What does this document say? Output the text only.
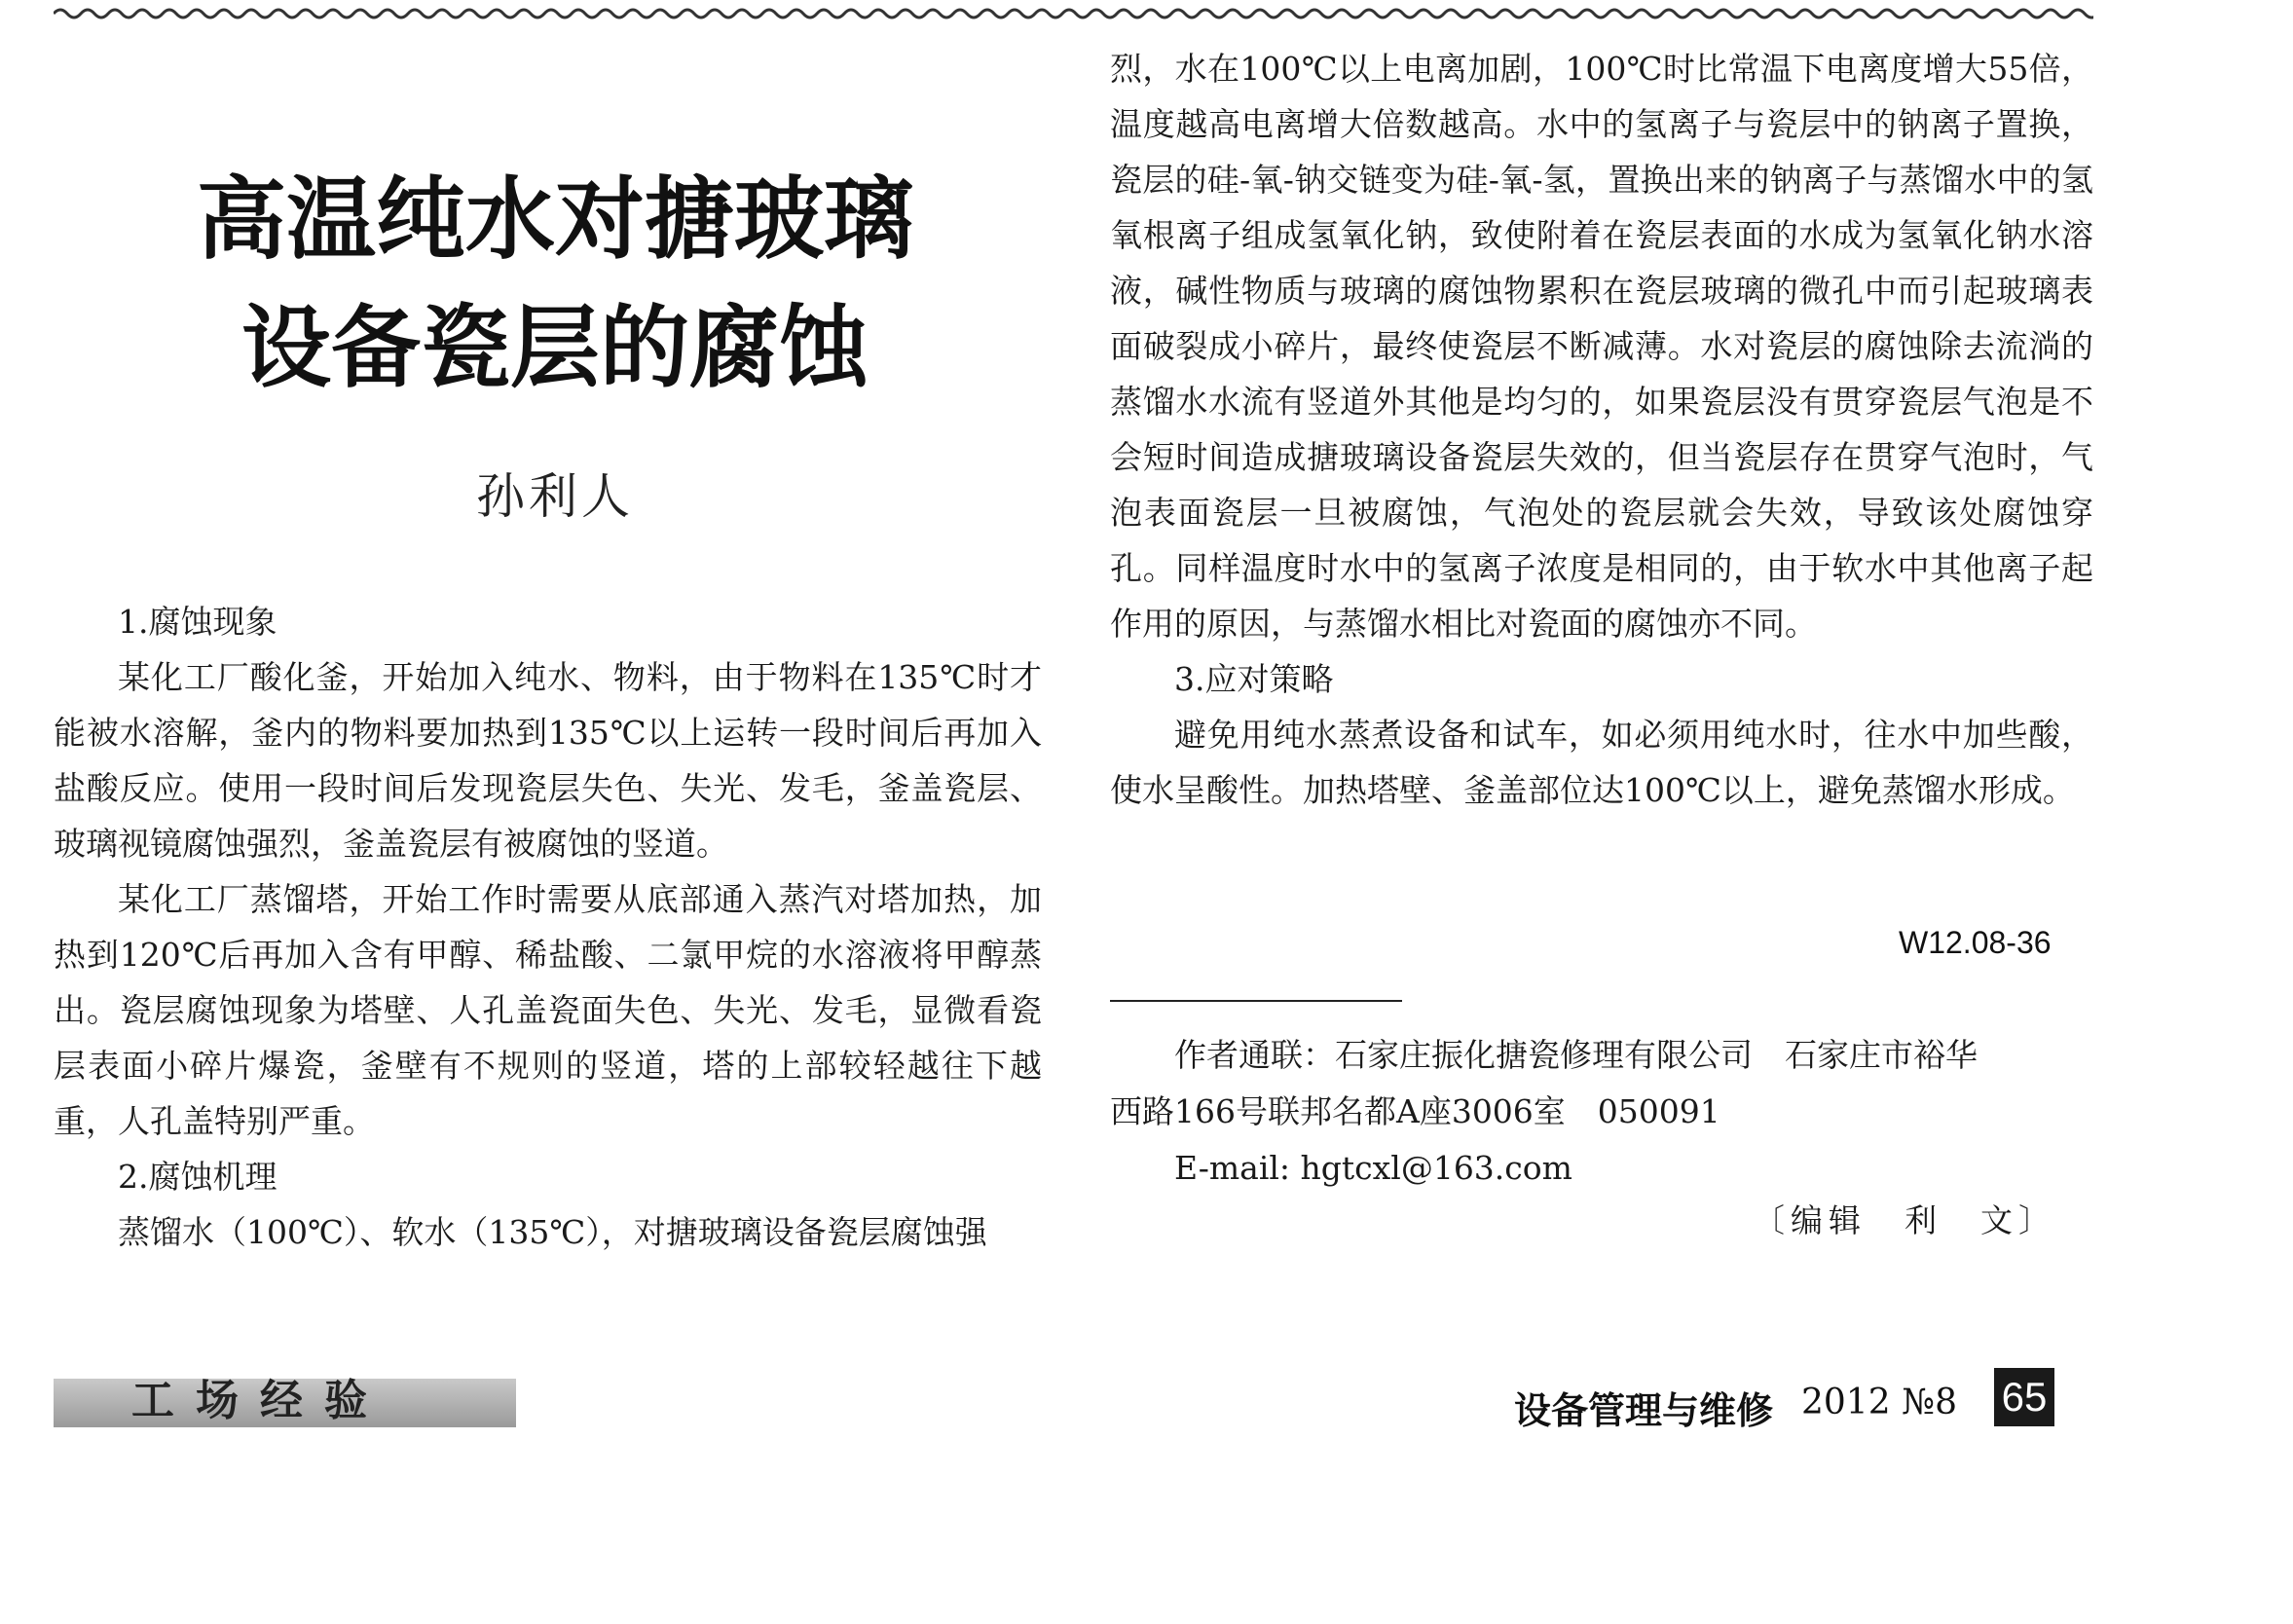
高温纯水对搪玻璃
设备瓷层的腐蚀
孙利人

1.腐蚀现象

某化工厂酸化釜，开始加入纯水、物料，由于物料在135℃时才能被水溶解，釜内的物料要加热到135℃以上运转一段时间后再加入盐酸反应。使用一段时间后发现瓷层失色、失光、发毛，釜盖瓷层、玻璃视镜腐蚀强烈，釜盖瓷层有被腐蚀的竖道。

某化工厂蒸馏塔，开始工作时需要从底部通入蒸汽对塔加热，加热到120℃后再加入含有甲醇、稀盐酸、二氯甲烷的水溶液将甲醇蒸出。瓷层腐蚀现象为塔壁、人孔盖瓷面失色、失光、发毛，显微看瓷层表面小碎片爆瓷，釜壁有不规则的竖道，塔的上部较轻越往下越重，人孔盖特别严重。

2.腐蚀机理

蒸馏水（100℃）、软水（135℃），对搪玻璃设备瓷层腐蚀强

烈，水在100℃以上电离加剧，100℃时比常温下电离度增大55倍，温度越高电离增大倍数越高。水中的氢离子与瓷层中的钠离子置换，瓷层的硅-氧-钠交链变为硅-氧-氢，置换出来的钠离子与蒸馏水中的氢氧根离子组成氢氧化钠，致使附着在瓷层表面的水成为氢氧化钠水溶液，碱性物质与玻璃的腐蚀物累积在瓷层玻璃的微孔中而引起玻璃表面破裂成小碎片，最终使瓷层不断减薄。水对瓷层的腐蚀除去流淌的蒸馏水水流有竖道外其他是均匀的，如果瓷层没有贯穿瓷层气泡是不会短时间造成搪玻璃设备瓷层失效的，但当瓷层存在贯穿气泡时，气泡表面瓷层一旦被腐蚀，气泡处的瓷层就会失效，导致该处腐蚀穿孔。同样温度时水中的氢离子浓度是相同的，由于软水中其他离子起作用的原因，与蒸馏水相比对瓷面的腐蚀亦不同。

3.应对策略

避免用纯水蒸煮设备和试车，如必须用纯水时，往水中加些酸，使水呈酸性。加热塔壁、釜盖部位达100℃以上，避免蒸馏水形成。

W12.08-36

作者通联：石家庄振化搪瓷修理有限公司　石家庄市裕华

西路166号联邦名都A座3006室　050091

E-mail: hgtcxl@163.com

〔编辑　利　文〕
工场经验	设备管理与维修 2012 №8 65
